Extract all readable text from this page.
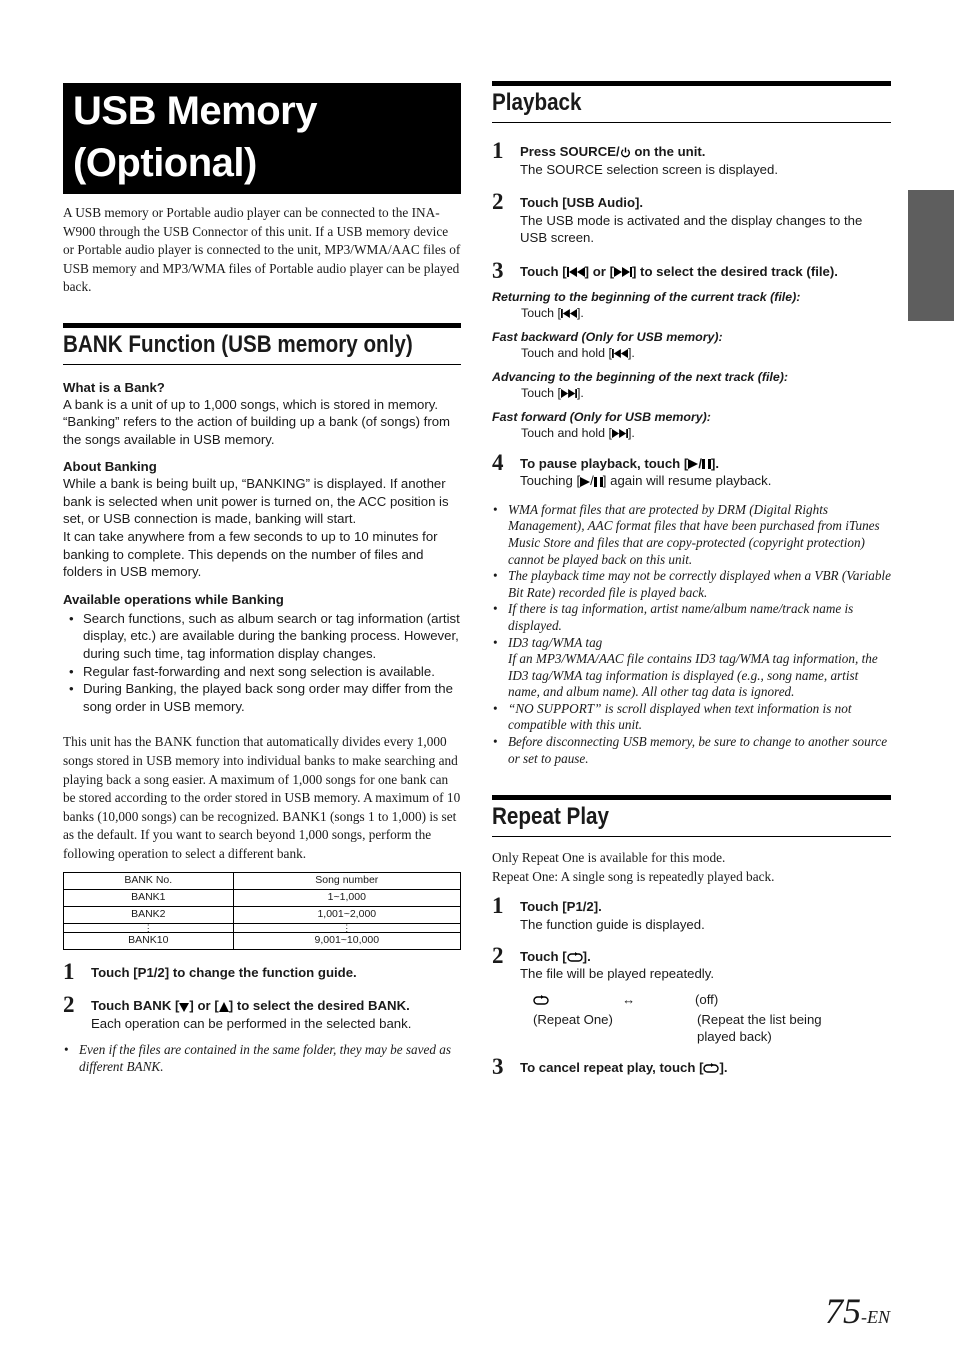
USB Memory
(Optional)
A USB memory or Portable audio player can be connected to the INA-W900 through the USB Connector of this unit. If a USB memory device or Portable audio player is connected to the unit, MP3/WMA/AAC files of USB memory and MP3/WMA files of Portable audio player can be played back.
BANK Function (USB memory only)
What is a Bank?
A bank is a unit of up to 1,000 songs, which is stored in memory. “Banking” refers to the action of building up a bank (of songs) from the songs available in USB memory.
About Banking
While a bank is being built up, “BANKING” is displayed. If another bank is selected when unit power is turned on, the ACC position is set, or USB connection is made, banking will start.
It can take anywhere from a few seconds to up to 10 minutes for banking to complete. This depends on the number of files and folders in USB memory.
Available operations while Banking
• Search functions, such as album search or tag information (artist display, etc.) are available during the banking process. However, during such time, tag information display changes.
• Regular fast-forwarding and next song selection is available.
• During Banking, the played back song order may differ from the song order in USB memory.
This unit has the BANK function that automatically divides every 1,000 songs stored in USB memory into individual banks to make searching and playing back a song easier. A maximum of 1,000 songs for one bank can be stored according to the order stored in USB memory. A maximum of 10 banks (10,000 songs) can be recognized. BANK1 (songs 1 to 1,000) is set as the default. If you want to search beyond 1,000 songs, perform the following operation to select a different bank.
BANK No.	Song number
BANK1	1~1,000
BANK2	1,001~2,000
⋮	⋮
BANK10	9,001~10,000
1 Touch [P1/2] to change the function guide.
2 Touch BANK [ ] or [ ] to select the desired BANK.
Each operation can be performed in the selected bank.
• Even if the files are contained in the same folder, they may be saved as different BANK.
Playback
1 Press SOURCE/ on the unit.
The SOURCE selection screen is displayed.
2 Touch [USB Audio].
The USB mode is activated and the display changes to the USB screen.
3 Touch [ ] or [ ] to select the desired track (file).
Returning to the beginning of the current track (file):
Touch [ ].
Fast backward (Only for USB memory):
Touch and hold [ ].
Advancing to the beginning of the next track (file):
Touch [ ].
Fast forward (Only for USB memory):
Touch and hold [ ].
4 To pause playback, touch [ / ].
Touching [ / ] again will resume playback.
• WMA format files that are protected by DRM (Digital Rights Management), AAC format files that have been purchased from iTunes Music Store and files that are copy-protected (copyright protection) cannot be played back on this unit.
• The playback time may not be correctly displayed when a VBR (Variable Bit Rate) recorded file is played back.
• If there is tag information, artist name/album name/track name is displayed.
• ID3 tag/WMA tag
If an MP3/WMA/AAC file contains ID3 tag/WMA tag information, the ID3 tag/WMA tag information is displayed (e.g., song name, artist name, and album name). All other tag data is ignored.
• “NO SUPPORT” is scroll displayed when text information is not compatible with this unit.
• Before disconnecting USB memory, be sure to change to another source or set to pause.
Repeat Play
Only Repeat One is available for this mode.
Repeat One: A single song is repeatedly played back.
1 Touch [P1/2].
The function guide is displayed.
2 Touch [ ].
The file will be played repeatedly.
↔	(off)
(Repeat One)	(Repeat the list being played back)
3 To cancel repeat play, touch [ ].
75-EN
